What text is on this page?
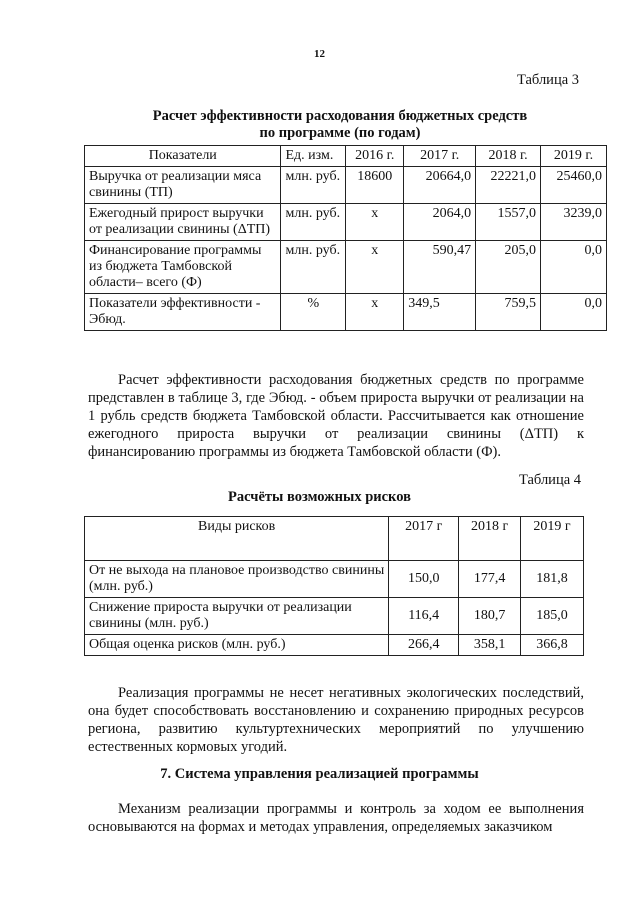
12
Таблица 3
Расчет эффективности расходования бюджетных средств
по программе (по годам)
Показатели	Ед. изм.	2016 г.	2017 г.	2018 г.	2019 г.
Выручка от реализации мяса свинины (ТП)	млн. руб.	18600	20664,0	22221,0	25460,0
Ежегодный прирост выручки от реализации свинины (ΔТП)	млн. руб.	х	2064,0	1557,0	3239,0
Финансирование программы из бюджета Тамбовской области– всего (Ф)	млн. руб.	х	590,47	205,0	0,0
Показатели эффективности - Эбюд.	%	х	349,5	759,5	0,0

Расчет эффективности расходования бюджетных средств по программе представлен в таблице 3, где Эбюд. - объем прироста выручки от реализации на 1 рубль средств бюджета Тамбовской области. Рассчитывается как отношение ежегодного прироста выручки от реализации свинины (ΔТП) к финансированию программы из бюджета Тамбовской области (Ф).

Таблица 4
Расчёты возможных рисков
Виды рисков	2017 г	2018 г	2019 г
От не выхода на плановое производство свинины (млн. руб.)	150,0	177,4	181,8
Снижение прироста выручки от реализации свинины (млн. руб.)	116,4	180,7	185,0
Общая оценка рисков (млн. руб.)	266,4	358,1	366,8

Реализация программы не несет негативных экологических последствий, она будет способствовать восстановлению и сохранению природных ресурсов региона, развитию культуртехнических мероприятий по улучшению естественных кормовых угодий.

7. Система управления реализацией программы

Механизм реализации программы и контроль за ходом ее выполнения основываются на формах и методах управления, определяемых заказчиком
